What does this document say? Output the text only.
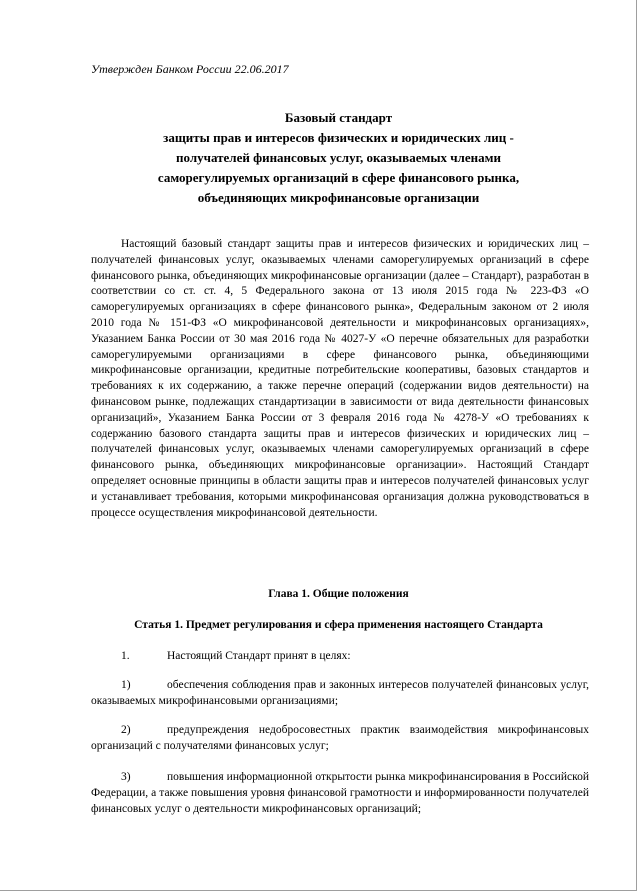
Утвержден Банком России 22.06.2017

Базовый стандарт
защиты прав и интересов физических и юридических лиц -
получателей финансовых услуг, оказываемых членами
саморегулируемых организаций в сфере финансового рынка,
объединяющих микрофинансовые организации

Настоящий базовый стандарт защиты прав и интересов физических и юридических лиц – получателей финансовых услуг, оказываемых членами саморегулируемых организаций в сфере финансового рынка, объединяющих микрофинансовые организации (далее – Стандарт), разработан в соответствии со ст. ст. 4, 5 Федерального закона от 13 июля 2015 года № 223-ФЗ «О саморегулируемых организациях в сфере финансового рынка», Федеральным законом от 2 июля 2010 года № 151-ФЗ «О микрофинансовой деятельности и микрофинансовых организациях», Указанием Банка России от 30 мая 2016 года № 4027-У «О перечне обязательных для разработки саморегулируемыми организациями в сфере финансового рынка, объединяющими микрофинансовые организации, кредитные потребительские кооперативы, базовых стандартов и требованиях к их содержанию, а также перечне операций (содержании видов деятельности) на финансовом рынке, подлежащих стандартизации в зависимости от вида деятельности финансовых организаций», Указанием Банка России от 3 февраля 2016 года № 4278-У «О требованиях к содержанию базового стандарта защиты прав и интересов физических и юридических лиц – получателей финансовых услуг, оказываемых членами саморегулируемых организаций в сфере финансового рынка, объединяющих микрофинансовые организации». Настоящий Стандарт определяет основные принципы в области защиты прав и интересов получателей финансовых услуг и устанавливает требования, которыми микрофинансовая организация должна руководствоваться в процессе осуществления микрофинансовой деятельности.

Глава 1. Общие положения
Статья 1. Предмет регулирования и сфера применения настоящего Стандарта

1.	Настоящий Стандарт принят в целях:

1)	обеспечения соблюдения прав и законных интересов получателей финансовых услуг, оказываемых микрофинансовыми организациями;

2)	предупреждения недобросовестных практик взаимодействия микрофинансовых организаций с получателями финансовых услуг;

3)	повышения информационной открытости рынка микрофинансирования в Российской Федерации, а также повышения уровня финансовой грамотности и информированности получателей финансовых услуг о деятельности микрофинансовых организаций;
